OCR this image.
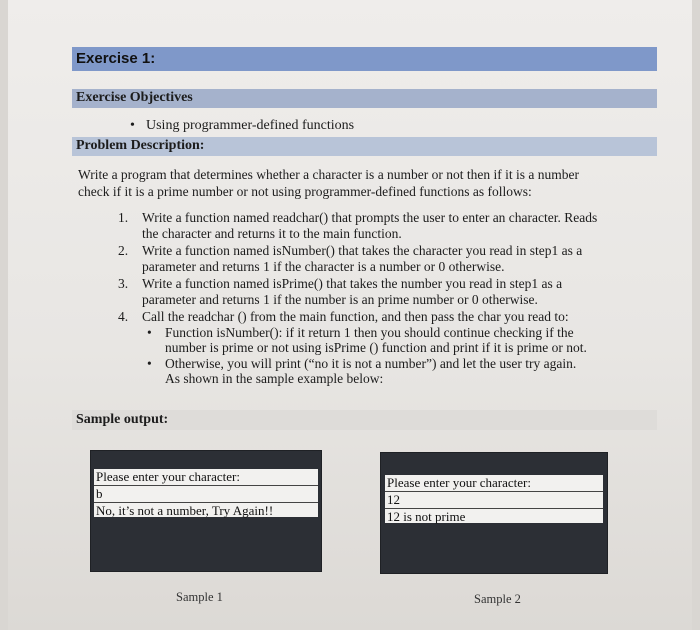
Exercise 1:
Exercise Objectives
• Using programmer-defined functions
Problem Description:
Write a program that determines whether a character is a number or not then if it is a number
check if it is a prime number or not using programmer-defined functions as follows:
1. Write a function named readchar() that prompts the user to enter an character. Reads
the character and returns it to the main function.
2. Write a function named isNumber() that takes the character you read in step1 as a
parameter and returns 1 if the character is a number or 0 otherwise.
3. Write a function named isPrime() that takes the number you read in step1 as a
parameter and returns 1 if the number is an prime number or 0 otherwise.
4. Call the readchar () from the main function, and then pass the char you read to:
• Function isNumber(): if it return 1 then you should continue checking if the
number is prime or not using isPrime () function and print if it is prime or not.
• Otherwise, you will print (“no it is not a number”) and let the user try again.
As shown in the sample example below:
Sample output:
Please enter your character:
b
No, it’s not a number, Try Again!!
Please enter your character:
12
12 is not prime
Sample 1	Sample 2
